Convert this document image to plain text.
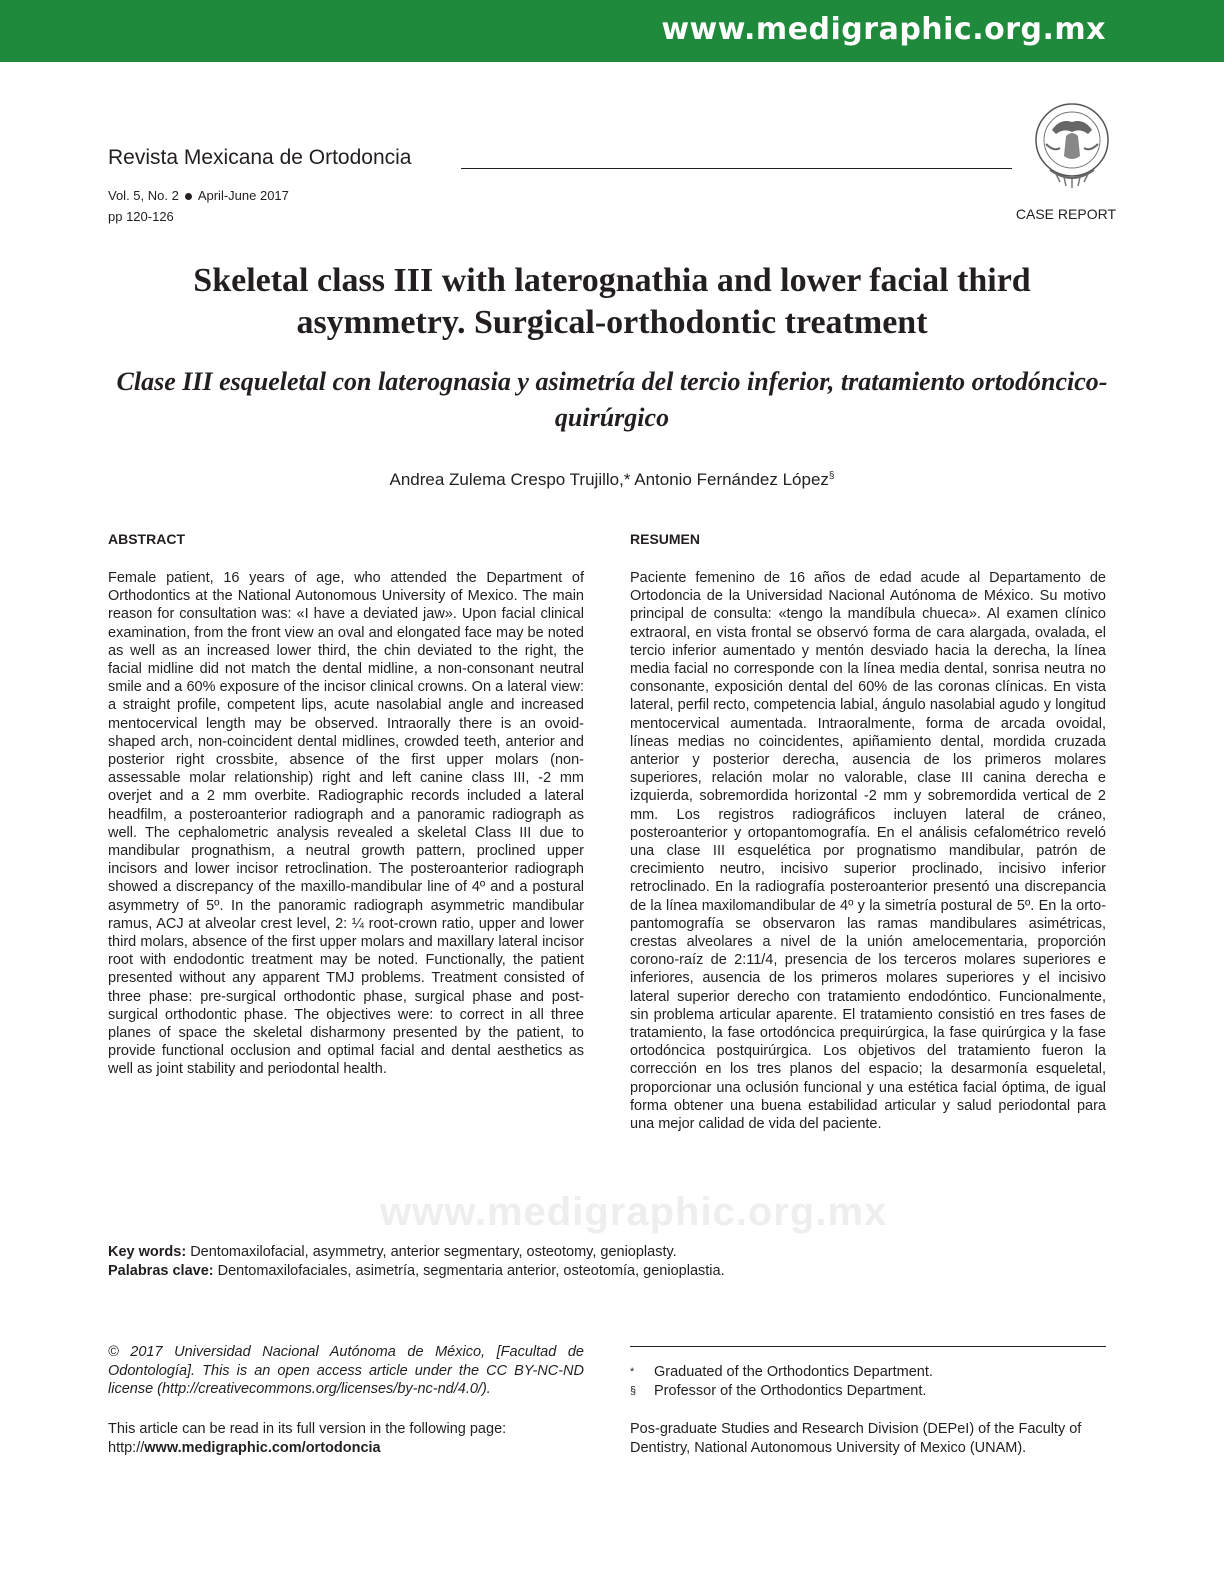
www.medigraphic.org.mx
Revista Mexicana de Ortodoncia
Vol. 5, No. 2 April-June 2017
pp 120-126	CASE REPORT
Skeletal class III with laterognathia and lower facial third asymmetry. Surgical-orthodontic treatment
Clase III esqueletal con laterognasia y asimetría del tercio inferior, tratamiento ortodóncico-quirúrgico
Andrea Zulema Crespo Trujillo,* Antonio Fernández López§
ABSTRACT
Female patient, 16 years of age, who attended the Department of Orthodontics at the National Autonomous University of Mexico. The main reason for consultation was: «I have a deviated jaw». Upon facial clinical examination, from the front view an oval and elongated face may be noted as well as an increased lower third, the chin deviated to the right, the facial midline did not match the dental midline, a non-consonant neutral smile and a 60% exposure of the incisor clinical crowns. On a lateral view: a straight profile, competent lips, acute nasolabial angle and increased mentocervical length may be observed. Intraorally there is an ovoid-shaped arch, non-coincident dental midlines, crowded teeth, anterior and posterior right crossbite, absence of the first upper molars (non-assessable molar relationship) right and left canine class III, -2 mm overjet and a 2 mm overbite. Radiographic records included a lateral headfilm, a posteroanterior radiograph and a panoramic radiograph as well. The cephalometric analysis revealed a skeletal Class III due to mandibular prognathism, a neutral growth pattern, proclined upper incisors and lower incisor retroclination. The posteroanterior radiograph showed a discrepancy of the maxillo-mandibular line of 4º and a postural asymmetry of 5º. In the panoramic radiograph asymmetric mandibular ramus, ACJ at alveolar crest level, 2: ¼ root-crown ratio, upper and lower third molars, absence of the first upper molars and maxillary lateral incisor root with endodontic treatment may be noted. Functionally, the patient presented without any apparent TMJ problems. Treatment consisted of three phase: pre-surgical orthodontic phase, surgical phase and post-surgical orthodontic phase. The objectives were: to correct in all three planes of space the skeletal disharmony presented by the patient, to provide functional occlusion and optimal facial and dental aesthetics as well as joint stability and periodontal health.
RESUMEN
Paciente femenino de 16 años de edad acude al Departamento de Ortodoncia de la Universidad Nacional Autónoma de México. Su motivo principal de consulta: «tengo la mandíbula chueca». Al examen clínico extraoral, en vista frontal se observó forma de cara alargada, ovalada, el tercio inferior aumentado y mentón desviado hacia la derecha, la línea media facial no corresponde con la línea media dental, sonrisa neutra no consonante, exposición dental del 60% de las coronas clínicas. En vista lateral, perfil recto, competencia labial, ángulo nasolabial agudo y longitud mentocervical aumentada. Intraoralmente, forma de arcada ovoidal, líneas medias no coincidentes, apiñamiento dental, mordida cruzada anterior y posterior derecha, ausencia de los primeros molares superiores, relación molar no valorable, clase III canina derecha e izquierda, sobremordida horizontal -2 mm y sobremordida vertical de 2 mm. Los registros radiográficos incluyen lateral de cráneo, posteroanterior y ortopantomografía. En el análisis cefalométrico reveló una clase III esquelética por prognatismo mandibular, patrón de crecimiento neutro, incisivo superior proclinado, incisivo inferior retroclinado. En la radiografía posteroanterior presentó una discrepancia de la línea maxilomandibular de 4º y la simetría postural de 5º. En la ortopantomografía se observaron las ramas mandibulares asimétricas, crestas alveolares a nivel de la unión amelocementaria, proporción corono-raíz de 2:11/4, presencia de los terceros molares superiores e inferiores, ausencia de los primeros molares superiores y el incisivo lateral superior derecho con tratamiento endodóntico. Funcionalmente, sin problema articular aparente. El tratamiento consistió en tres fases de tratamiento, la fase ortodóncica prequirúrgica, la fase quirúrgica y la fase ortodóncica postquirúrgica. Los objetivos del tratamiento fueron la corrección en los tres planos del espacio; la desarmonía esqueletal, proporcionar una oclusión funcional y una estética facial óptima, de igual forma obtener una buena estabilidad articular y salud periodontal para una mejor calidad de vida del paciente.
www.medigraphic.org.mx
Key words: Dentomaxilofacial, asymmetry, anterior segmentary, osteotomy, genioplasty.
Palabras clave: Dentomaxilofaciales, asimetría, segmentaria anterior, osteotomía, genioplastia.
© 2017 Universidad Nacional Autónoma de México, [Facultad de Odontología]. This is an open access article under the CC BY-NC-ND license (http://creativecommons.org/licenses/by-nc-nd/4.0/).
This article can be read in its full version in the following page:
http://www.medigraphic.com/ortodoncia
*	Graduated of the Orthodontics Department.
§	Professor of the Orthodontics Department.
Pos-graduate Studies and Research Division (DEPeI) of the Faculty of Dentistry, National Autonomous University of Mexico (UNAM).
